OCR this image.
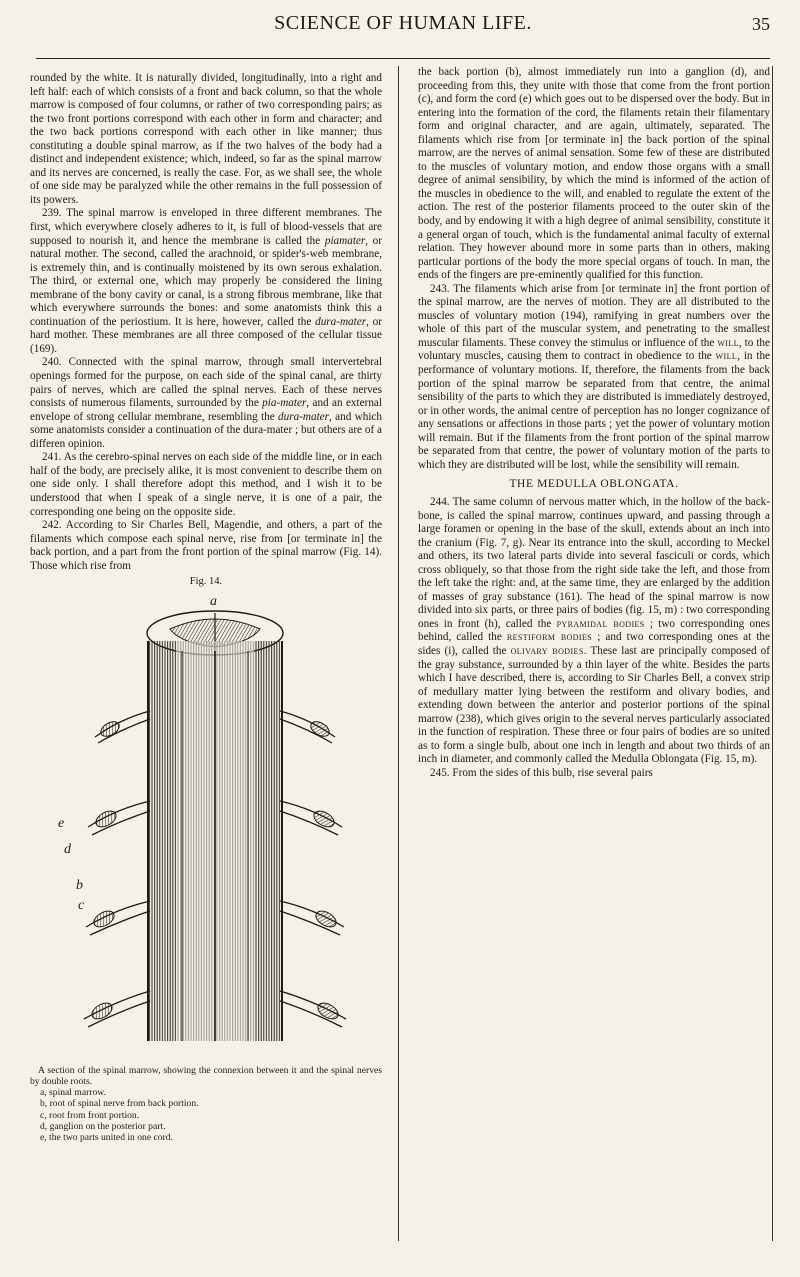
SCIENCE OF HUMAN LIFE.	35

rounded by the white. It is naturally divided, longitudinally, into a right and left half: each of which consists of a front and back column, so that the whole marrow is composed of four columns, or rather of two corresponding pairs; as the two front portions correspond with each other in form and character; and the two back portions correspond with each other in like manner; thus constituting a double spinal marrow, as if the two halves of the body had a distinct and independent existence; which, indeed, so far as the spinal marrow and its nerves are concerned, is really the case. For, as we shall see, the whole of one side may be paralyzed while the other remains in the full possession of its powers.

239. The spinal marrow is enveloped in three different membranes. The first, which everywhere closely adheres to it, is full of blood-vessels that are supposed to nourish it, and hence the membrane is called the piamater, or natural mother. The second, called the arachnoid, or spider's-web membrane, is extremely thin, and is continually moistened by its own serous exhalation. The third, or external one, which may properly be considered the lining membrane of the bony cavity or canal, is a strong fibrous membrane, like that which everywhere surrounds the bones: and some anatomists think this a continuation of the periostium. It is here, however, called the dura-mater, or hard mother. These membranes are all three composed of the cellular tissue (169).

240. Connected with the spinal marrow, through small intervertebral openings formed for the purpose, on each side of the spinal canal, are thirty pairs of nerves, which are called the spinal nerves. Each of these nerves consists of numerous filaments, surrounded by the pia-mater, and an external envelope of strong cellular membrane, resembling the dura-mater, and which some anatomists consider a continuation of the dura-mater ; but others are of a differen opinion.

241. As the cerebro-spinal nerves on each side of the middle line, or in each half of the body, are precisely alike, it is most convenient to describe them on one side only. I shall therefore adopt this method, and I wish it to be understood that when I speak of a single nerve, it is one of a pair, the corresponding one being on the opposite side.

242. According to Sir Charles Bell, Magendie, and others, a part of the filaments which compose each spinal nerve, rise from [or terminate in] the back portion, and a part from the front portion of the spinal marrow (Fig. 14). Those which rise from

Fig. 14.
a
e
d
b
c
A section of the spinal marrow, showing the connexion between it and the spinal nerves by double roots.
a, spinal marrow.
b, root of spinal nerve from back portion.
c, root from front portion.
d, ganglion on the posterior part.
e, the two parts united in one cord.

the back portion (b), almost immediately run into a ganglion (d), and proceeding from this, they unite with those that come from the front portion (c), and form the cord (e) which goes out to be dispersed over the body. But in entering into the formation of the cord, the filaments retain their filamentary form and original character, and are again, ultimately, separated. The filaments which rise from [or terminate in] the back portion of the spinal marrow, are the nerves of animal sensation. Some few of these are distributed to the muscles of voluntary motion, and endow those organs with a small degree of animal sensibility, by which the mind is informed of the action of the muscles in obedience to the will, and enabled to regulate the extent of the action. The rest of the posterior filaments proceed to the outer skin of the body, and by endowing it with a high degree of animal sensibility, constitute it a general organ of touch, which is the fundamental animal faculty of external relation. They however abound more in some parts than in others, making particular portions of the body the more special organs of touch. In man, the ends of the fingers are pre-eminently qualified for this function.

243. The filaments which arise from [or terminate in] the front portion of the spinal marrow, are the nerves of motion. They are all distributed to the muscles of voluntary motion (194), ramifying in great numbers over the whole of this part of the muscular system, and penetrating to the smallest muscular filaments. These convey the stimulus or influence of the will, to the voluntary muscles, causing them to contract in obedience to the will, in the performance of voluntary motions. If, therefore, the filaments from the back portion of the spinal marrow be separated from that centre, the animal sensibility of the parts to which they are distributed is immediately destroyed, or in other words, the animal centre of perception has no longer cognizance of any sensations or affections in those parts ; yet the power of voluntary motion will remain. But if the filaments from the front portion of the spinal marrow be separated from that centre, the power of voluntary motion of the parts to which they are distributed will be lost, while the sensibility will remain.

THE MEDULLA OBLONGATA.

244. The same column of nervous matter which, in the hollow of the back-bone, is called the spinal marrow, continues upward, and passing through a large foramen or opening in the base of the skull, extends about an inch into the cranium (Fig. 7, g). Near its entrance into the skull, according to Meckel and others, its two lateral parts divide into several fasciculi or cords, which cross obliquely, so that those from the right side take the left, and those from the left take the right: and, at the same time, they are enlarged by the addition of masses of gray substance (161). The head of the spinal marrow is now divided into six parts, or three pairs of bodies (fig. 15, m) : two corresponding ones in front (h), called the pyramidal bodies ; two corresponding ones behind, called the restiform bodies ; and two corresponding ones at the sides (i), called the olivary bodies. These last are principally composed of the gray substance, surrounded by a thin layer of the white. Besides the parts which I have described, there is, according to Sir Charles Bell, a convex strip of medullary matter lying between the restiform and olivary bodies, and extending down between the anterior and posterior portions of the spinal marrow (238), which gives origin to the several nerves particularly associated in the function of respiration. These three or four pairs of bodies are so united as to form a single bulb, about one inch in length and about two thirds of an inch in diameter, and commonly called the Medulla Oblongata (Fig. 15, m).

245. From the sides of this bulb, rise several pairs
